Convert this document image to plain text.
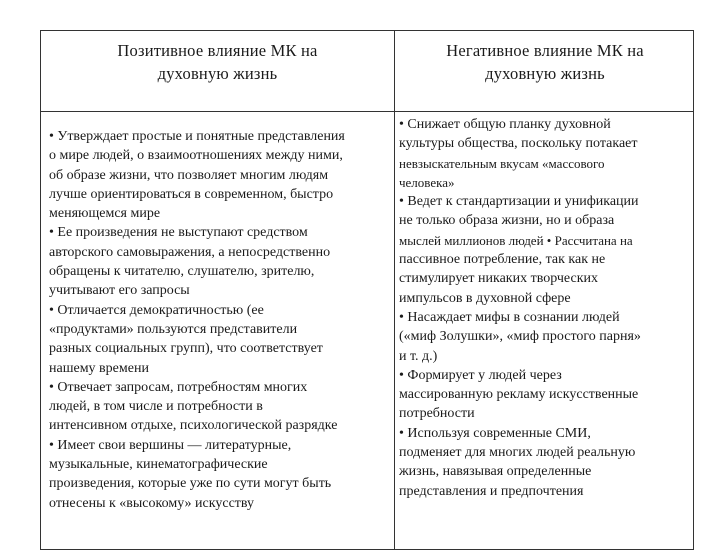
Позитивное влияние МК на
духовную жизнь
Негативное влияние МК на
духовную жизнь
• Утверждает простые и понятные представления
о мире людей, о взаимоотношениях между ними,
об образе жизни, что позволяет многим людям
лучше ориентироваться в современном, быстро
меняющемся мире
• Ее произведения не выступают средством
авторского самовыражения, а непосредственно
обращены к читателю, слушателю, зрителю,
учитывают его запросы
• Отличается демократичностью (ее
«продуктами» пользуются представители
разных социальных групп), что соответствует
нашему времени
• Отвечает запросам, потребностям многих
людей, в том числе и потребности в
интенсивном отдыхе, психологической разрядке
• Имеет свои вершины — литературные,
музыкальные, кинематографические
произведения, которые уже по сути могут быть
отнесены к «высокому» искусству
• Снижает общую планку духовной
культуры общества, поскольку потакает
невзыскательным вкусам «массового
человека»
• Ведет к стандартизации и унификации
не только образа жизни, но и образа
мыслей миллионов людей • Рассчитана на
пассивное потребление, так как не
стимулирует никаких творческих
импульсов в духовной сфере
• Насаждает мифы в сознании людей
(«миф Золушки», «миф простого парня»
и т. д.)
• Формирует у людей через
массированную рекламу искусственные
потребности
• Используя современные СМИ,
подменяет для многих людей реальную
жизнь, навязывая определенные
представления и предпочтения
